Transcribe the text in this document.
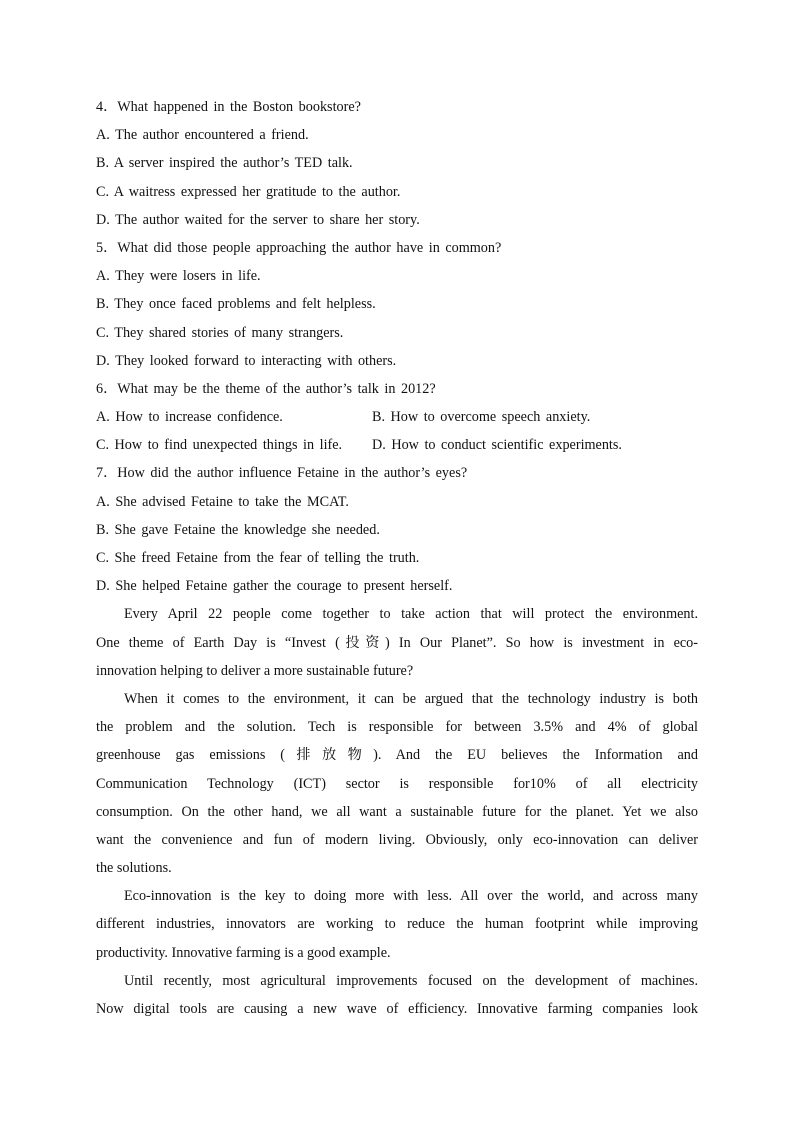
4．What happened in the Boston bookstore?
A. The author encountered a friend.
B. A server inspired the author’s TED talk.
C. A waitress expressed her gratitude to the author.
D. The author waited for the server to share her story.
5．What did those people approaching the author have in common?
A. They were losers in life.
B. They once faced problems and felt helpless.
C. They shared stories of many strangers.
D. They looked forward to interacting with others.
6．What may be the theme of the author’s talk in 2012?
A. How to increase confidence.	B. How to overcome speech anxiety.
C. How to find unexpected things in life.	D. How to conduct scientific experiments.
7．How did the author influence Fetaine in the author’s eyes?
A. She advised Fetaine to take the MCAT.
B. She gave Fetaine the knowledge she needed.
C. She freed Fetaine from the fear of telling the truth.
D. She helped Fetaine gather the courage to present herself.
Every April 22 people come together to take action that will protect the environment.
One theme of Earth Day is “Invest (投资) In Our Planet”. So how is investment in eco-
innovation helping to deliver a more sustainable future?
When it comes to the environment, it can be argued that the technology industry is both
the problem and the solution. Tech is responsible for between 3.5% and 4% of global
greenhouse gas emissions (排放物). And the EU believes the Information and
Communication Technology (ICT) sector is responsible for10% of all electricity
consumption. On the other hand, we all want a sustainable future for the planet. Yet we also
want the convenience and fun of modern living. Obviously, only eco-innovation can deliver
the solutions.
Eco-innovation is the key to doing more with less. All over the world, and across many
different industries, innovators are working to reduce the human footprint while improving
productivity. Innovative farming is a good example.
Until recently, most agricultural improvements focused on the development of machines.
Now digital tools are causing a new wave of efficiency. Innovative farming companies look
